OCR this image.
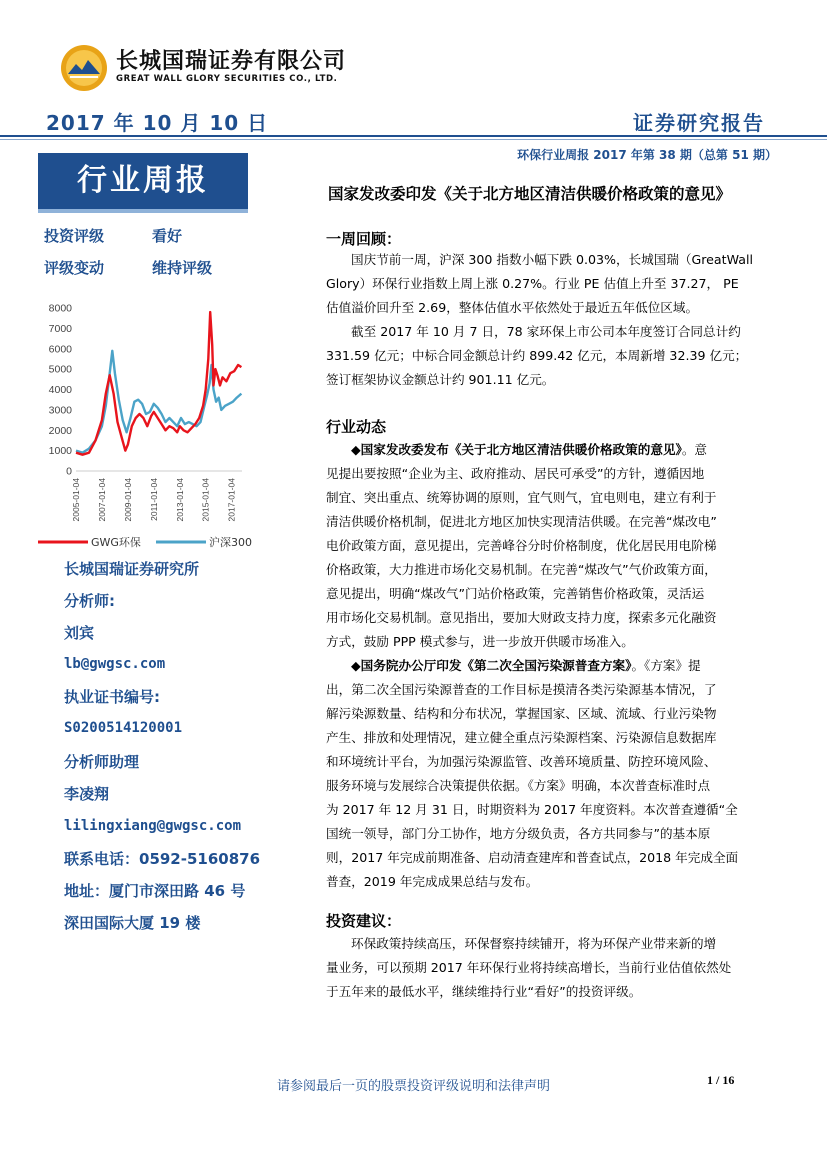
长城国瑞证券有限公司
GREAT WALL GLORY SECURITIES CO., LTD.
2017 年 10 月 10 日	证券研究报告
环保行业周报 2017 年第 38 期（总第 51 期）
行业周报
投资评级	看好
评级变动	维持评级
0
1000
2000
3000
4000
5000
6000
7000
8000
2005-01-04 2007-01-04 2009-01-04 2011-01-04 2013-01-04 2015-01-04 2017-01-04
GWG环保	沪深300
长城国瑞证券研究所
分析师:
刘宾
lb@gwgsc.com
执业证书编号:
S0200514120001
分析师助理
李凌翔
lilingxiang@gwgsc.com
联系电话：0592-5160876
地址：厦门市深田路 46 号
深田国际大厦 19 楼
国家发改委印发《关于北方地区清洁供暖价格政策的意见》
一周回顾：
国庆节前一周，沪深 300 指数小幅下跌 0.03%，长城国瑞（GreatWall
Glory）环保行业指数上周上涨 0.27%。行业 PE 估值上升至 37.27， PE
估值溢价回升至 2.69，整体估值水平依然处于最近五年低位区域。
截至 2017 年 10 月 7 日，78 家环保上市公司本年度签订合同总计约
331.59 亿元；中标合同金额总计约 899.42 亿元，本周新增 32.39 亿元；
签订框架协议金额总计约 901.11 亿元。
行业动态
◆国家发改委发布《关于北方地区清洁供暖价格政策的意见》。意
见提出要按照“企业为主、政府推动、居民可承受”的方针，遵循因地
制宜、突出重点、统筹协调的原则，宜气则气，宜电则电，建立有利于
清洁供暖价格机制，促进北方地区加快实现清洁供暖。在完善“煤改电”
电价政策方面，意见提出，完善峰谷分时价格制度，优化居民用电阶梯
价格政策，大力推进市场化交易机制。在完善“煤改气”气价政策方面，
意见提出，明确“煤改气”门站价格政策，完善销售价格政策，灵活运
用市场化交易机制。意见指出，要加大财政支持力度，探索多元化融资
方式，鼓励 PPP 模式参与，进一步放开供暖市场准入。
◆国务院办公厅印发《第二次全国污染源普查方案》。《方案》提
出，第二次全国污染源普查的工作目标是摸清各类污染源基本情况，了
解污染源数量、结构和分布状况，掌握国家、区域、流域、行业污染物
产生、排放和处理情况，建立健全重点污染源档案、污染源信息数据库
和环境统计平台，为加强污染源监管、改善环境质量、防控环境风险、
服务环境与发展综合决策提供依据。《方案》明确，本次普查标准时点
为 2017 年 12 月 31 日，时期资料为 2017 年度资料。本次普查遵循“全
国统一领导，部门分工协作，地方分级负责，各方共同参与”的基本原
则，2017 年完成前期准备、启动清查建库和普查试点，2018 年完成全面
普查，2019 年完成成果总结与发布。
投资建议：
环保政策持续高压，环保督察持续铺开，将为环保产业带来新的增
量业务，可以预期 2017 年环保行业将持续高增长，当前行业估值依然处
于五年来的最低水平，继续维持行业“看好”的投资评级。
请参阅最后一页的股票投资评级说明和法律声明	1 / 16
